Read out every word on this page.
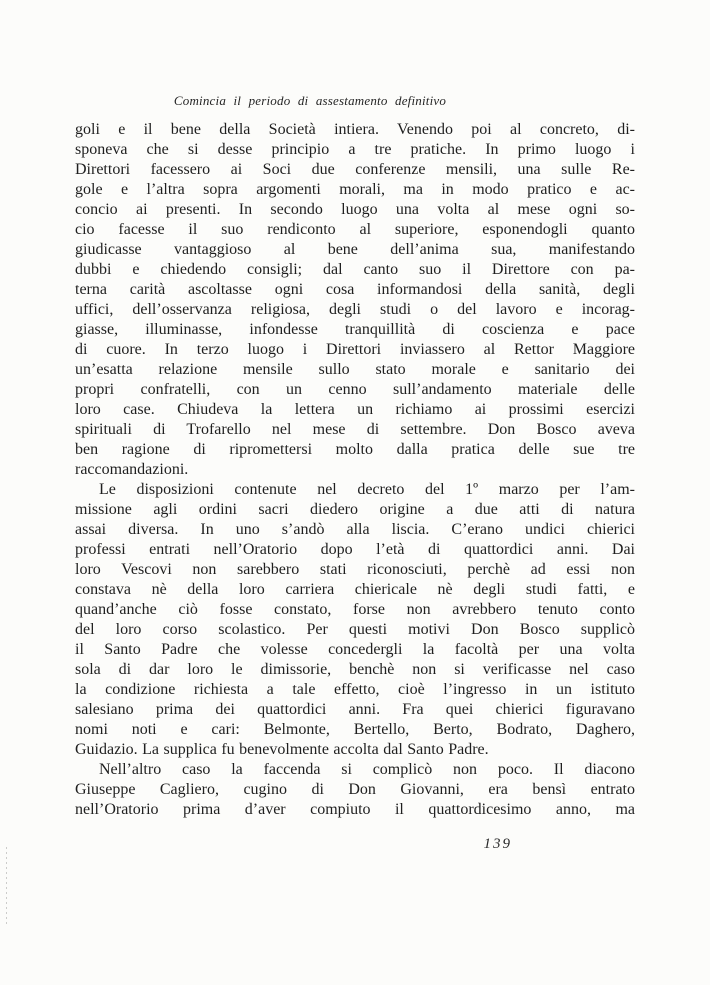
Comincia il periodo di assestamento definitivo
goli e il bene della Società intiera. Venendo poi al concreto, di-
sponeva che si desse principio a tre pratiche. In primo luogo i
Direttori facessero ai Soci due conferenze mensili, una sulle Re-
gole e l’altra sopra argomenti morali, ma in modo pratico e ac-
concio ai presenti. In secondo luogo una volta al mese ogni so-
cio facesse il suo rendiconto al superiore, esponendogli quanto
giudicasse vantaggioso al bene dell’anima sua, manifestando
dubbi e chiedendo consigli; dal canto suo il Direttore con pa-
terna carità ascoltasse ogni cosa informandosi della sanità, degli
uffici, dell’osservanza religiosa, degli studi o del lavoro e incorag-
giasse, illuminasse, infondesse tranquillità di coscienza e pace
di cuore. In terzo luogo i Direttori inviassero al Rettor Maggiore
un’esatta relazione mensile sullo stato morale e sanitario dei
propri confratelli, con un cenno sull’andamento materiale delle
loro case. Chiudeva la lettera un richiamo ai prossimi esercizi
spirituali di Trofarello nel mese di settembre. Don Bosco aveva
ben ragione di ripromettersi molto dalla pratica delle sue tre
raccomandazioni.
Le disposizioni contenute nel decreto del 1º marzo per l’am-
missione agli ordini sacri diedero origine a due atti di natura
assai diversa. In uno s’andò alla liscia. C’erano undici chierici
professi entrati nell’Oratorio dopo l’età di quattordici anni. Dai
loro Vescovi non sarebbero stati riconosciuti, perchè ad essi non
constava nè della loro carriera chiericale nè degli studi fatti, e
quand’anche ciò fosse constato, forse non avrebbero tenuto conto
del loro corso scolastico. Per questi motivi Don Bosco supplicò
il Santo Padre che volesse concedergli la facoltà per una volta
sola di dar loro le dimissorie, benchè non si verificasse nel caso
la condizione richiesta a tale effetto, cioè l’ingresso in un istituto
salesiano prima dei quattordici anni. Fra quei chierici figuravano
nomi noti e cari: Belmonte, Bertello, Berto, Bodrato, Daghero,
Guidazio. La supplica fu benevolmente accolta dal Santo Padre.
Nell’altro caso la faccenda si complicò non poco. Il diacono
Giuseppe Cagliero, cugino di Don Giovanni, era bensì entrato
nell’Oratorio prima d’aver compiuto il quattordicesimo anno, ma
139
